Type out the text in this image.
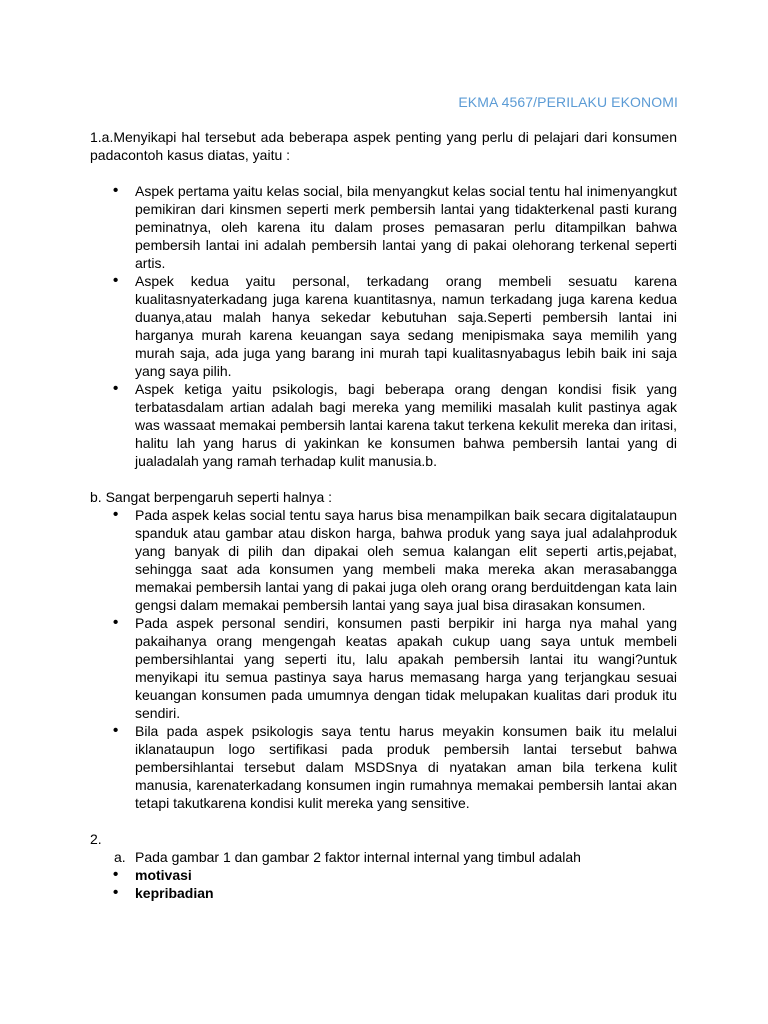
EKMA 4567/PERILAKU EKONOMI

1.a.Menyikapi hal tersebut ada beberapa aspek penting yang perlu di pelajari dari konsumen padacontoh kasus diatas, yaitu :

• Aspek pertama yaitu kelas social, bila menyangkut kelas social tentu hal inimenyangkut pemikiran dari kinsmen seperti merk pembersih lantai yang tidakterkenal pasti kurang peminatnya, oleh karena itu dalam proses pemasaran perlu ditampilkan bahwa pembersih lantai ini adalah pembersih lantai yang di pakai olehorang terkenal seperti artis.
• Aspek kedua yaitu personal, terkadang orang membeli sesuatu karena kualitasnyaterkadang juga karena kuantitasnya, namun terkadang juga karena kedua duanya,atau malah hanya sekedar kebutuhan saja.Seperti pembersih lantai ini harganya murah karena keuangan saya sedang menipismaka saya memilih yang murah saja, ada juga yang barang ini murah tapi kualitasnyabagus lebih baik ini saja yang saya pilih.
• Aspek ketiga yaitu psikologis, bagi beberapa orang dengan kondisi fisik yang terbatasdalam artian adalah bagi mereka yang memiliki masalah kulit pastinya agak was wassaat memakai pembersih lantai karena takut terkena kekulit mereka dan iritasi, halitu lah yang harus di yakinkan ke konsumen bahwa pembersih lantai yang di jualadalah yang ramah terhadap kulit manusia.b.

b. Sangat berpengaruh seperti halnya :

• Pada aspek kelas social tentu saya harus bisa menampilkan baik secara digitalataupun spanduk atau gambar atau diskon harga, bahwa produk yang saya jual adalahproduk yang banyak di pilih dan dipakai oleh semua kalangan elit seperti artis,pejabat, sehingga saat ada konsumen yang membeli maka mereka akan merasabangga memakai pembersih lantai yang di pakai juga oleh orang orang berduitdengan kata lain gengsi dalam memakai pembersih lantai yang saya jual bisa dirasakan konsumen.
• Pada aspek personal sendiri, konsumen pasti berpikir ini harga nya mahal yang pakaihanya orang mengengah keatas apakah cukup uang saya untuk membeli pembersihlantai yang seperti itu, lalu apakah pembersih lantai itu wangi?untuk menyikapi itu semua pastinya saya harus memasang harga yang terjangkau sesuai keuangan konsumen pada umumnya dengan tidak melupakan kualitas dari produk itu sendiri.
• Bila pada aspek psikologis saya tentu harus meyakin konsumen baik itu melalui iklanataupun logo sertifikasi pada produk pembersih lantai tersebut bahwa pembersihlantai tersebut dalam MSDSnya di nyatakan aman bila terkena kulit manusia, karenaterkadang konsumen ingin rumahnya memakai pembersih lantai akan tetapi takutkarena kondisi kulit mereka yang sensitive.

2.

a. Pada gambar 1 dan gambar 2 faktor internal internal yang timbul adalah
• motivasi
• kepribadian
